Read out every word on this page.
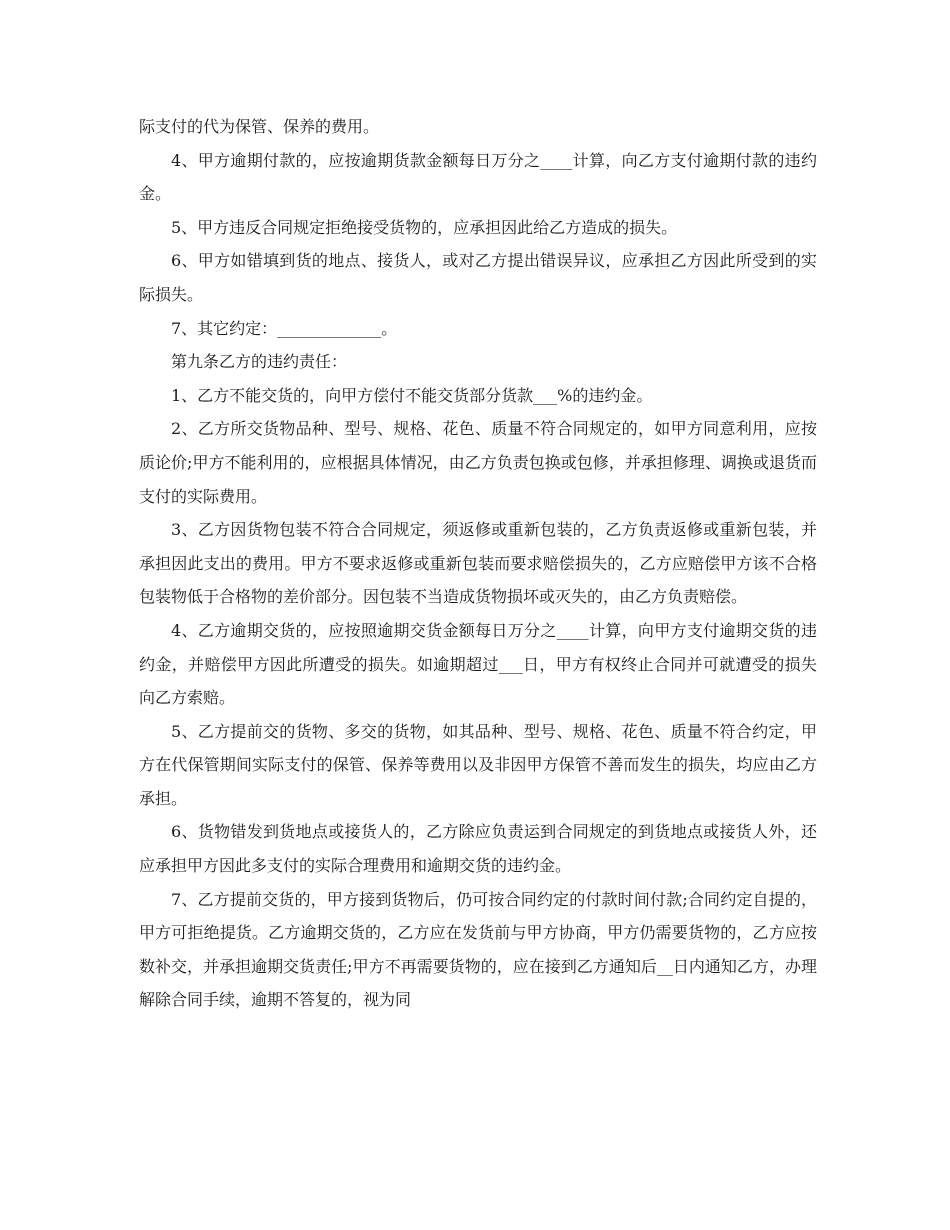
际支付的代为保管、保养的费用。

4、甲方逾期付款的，应按逾期货款金额每日万分之____计算，向乙方支付逾期付款的违约金。

5、甲方违反合同规定拒绝接受货物的，应承担因此给乙方造成的损失。

6、甲方如错填到货的地点、接货人，或对乙方提出错误异议，应承担乙方因此所受到的实际损失。

7、其它约定：_____________。

第九条乙方的违约责任：

1、乙方不能交货的，向甲方偿付不能交货部分货款___%的违约金。

2、乙方所交货物品种、型号、规格、花色、质量不符合同规定的，如甲方同意利用，应按质论价;甲方不能利用的，应根据具体情况，由乙方负责包换或包修，并承担修理、调换或退货而支付的实际费用。

3、乙方因货物包装不符合合同规定，须返修或重新包装的，乙方负责返修或重新包装，并承担因此支出的费用。甲方不要求返修或重新包装而要求赔偿损失的，乙方应赔偿甲方该不合格包装物低于合格物的差价部分。因包装不当造成货物损坏或灭失的，由乙方负责赔偿。

4、乙方逾期交货的，应按照逾期交货金额每日万分之____计算，向甲方支付逾期交货的违约金，并赔偿甲方因此所遭受的损失。如逾期超过___日，甲方有权终止合同并可就遭受的损失向乙方索赔。

5、乙方提前交的货物、多交的货物，如其品种、型号、规格、花色、质量不符合约定，甲方在代保管期间实际支付的保管、保养等费用以及非因甲方保管不善而发生的损失，均应由乙方承担。

6、货物错发到货地点或接货人的，乙方除应负责运到合同规定的到货地点或接货人外，还应承担甲方因此多支付的实际合理费用和逾期交货的违约金。

7、乙方提前交货的，甲方接到货物后，仍可按合同约定的付款时间付款;合同约定自提的，甲方可拒绝提货。乙方逾期交货的，乙方应在发货前与甲方协商，甲方仍需要货物的，乙方应按数补交，并承担逾期交货责任;甲方不再需要货物的，应在接到乙方通知后__日内通知乙方，办理解除合同手续，逾期不答复的，视为同
